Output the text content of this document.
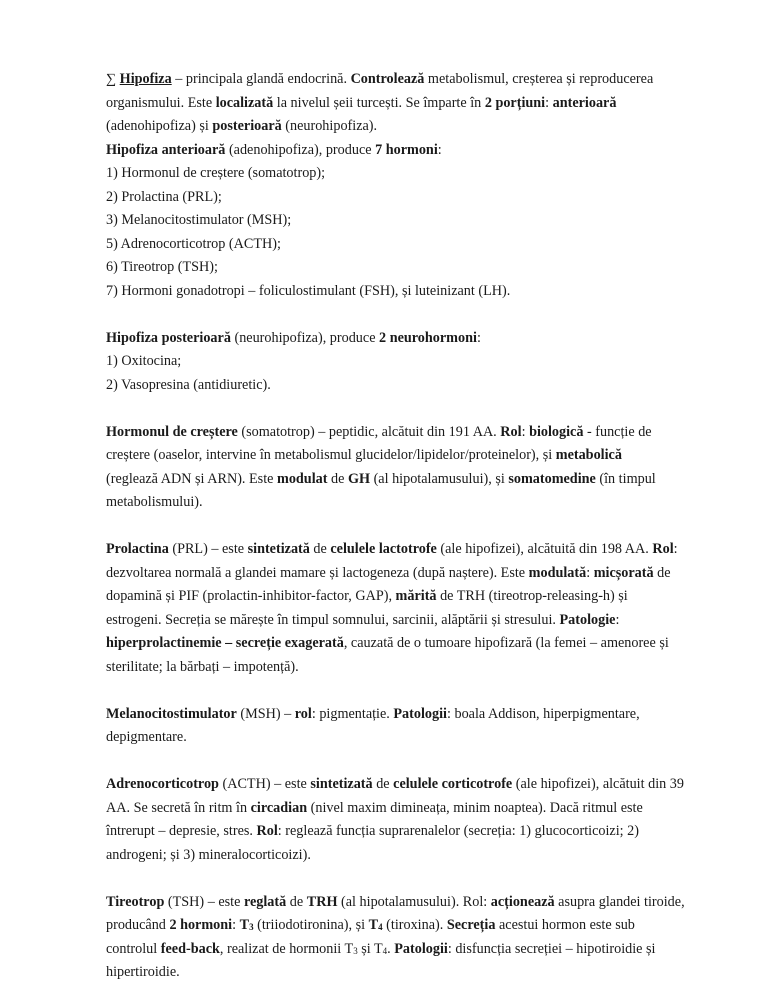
∑ Hipofiza – principala glandă endocrină. Controlează metabolismul, creșterea și reproducerea
organismului. Este localizată la nivelul șeii turcești. Se împarte în 2 porțiuni: anterioară
(adenohipofiza) și posterioară (neurohipofiza).
Hipofiza anterioară (adenohipofiza), produce 7 hormoni:
1) Hormonul de creștere (somatotrop);
2) Prolactina (PRL);
3) Melanocitostimulator (MSH);
5) Adrenocorticotrop (ACTH);
6) Tireotrop (TSH);
7) Hormoni gonadotropi – foliculostimulant (FSH), și luteinizant (LH).
Hipofiza posterioară (neurohipofiza), produce 2 neurohormoni:
1) Oxitocina;
2) Vasopresina (antidiuretic).
Hormonul de creștere (somatotrop) – peptidic, alcătuit din 191 AA. Rol: biologică - funcție de
creștere (oaselor, intervine în metabolismul glucidelor/lipidelor/proteinelor), și metabolică
(reglează ADN și ARN). Este modulat de GH (al hipotalamusului), și somatomedine (în timpul
metabolismului).
Prolactina (PRL) – este sintetizată de celulele lactotrofe (ale hipofizei), alcătuită din 198 AA. Rol:
dezvoltarea normală a glandei mamare și lactogeneza (după naștere). Este modulată: micșorată de
dopamină și PIF (prolactin-inhibitor-factor, GAP), mărită de TRH (tireotrop-releasing-h) și
estrogeni. Secreția se mărește în timpul somnului, sarcinii, alăptării și stresului. Patologie:
hiperprolactinemie – secreție exagerată, cauzată de o tumoare hipofizară (la femei – amenoree și
sterilitate; la bărbați – impotență).
Melanocitostimulator (MSH) – rol: pigmentație. Patologii: boala Addison, hiperpigmentare,
depigmentare.
Adrenocorticotrop (ACTH) – este sintetizată de celulele corticotrofe (ale hipofizei), alcătuit din 39
AA. Se secretă în ritm în circadian (nivel maxim dimineața, minim noaptea). Dacă ritmul este
întrerupt – depresie, stres. Rol: reglează funcția suprarenalelor (secreția: 1) glucocorticoizi; 2)
androgeni; și 3) mineralocorticoizi).
Tireotrop (TSH) – este reglată de TRH (al hipotalamusului). Rol: acționează asupra glandei tiroide,
producând 2 hormoni: $T_3$ (triiodotironina), și $T_4$ (tiroxina). Secreția acestui hormon este sub
controlul feed-back, realizat de hormonii $T_3$ și $T_4$. Patologii: disfuncția secreției – hipotiroidie și
hipertiroidie.
